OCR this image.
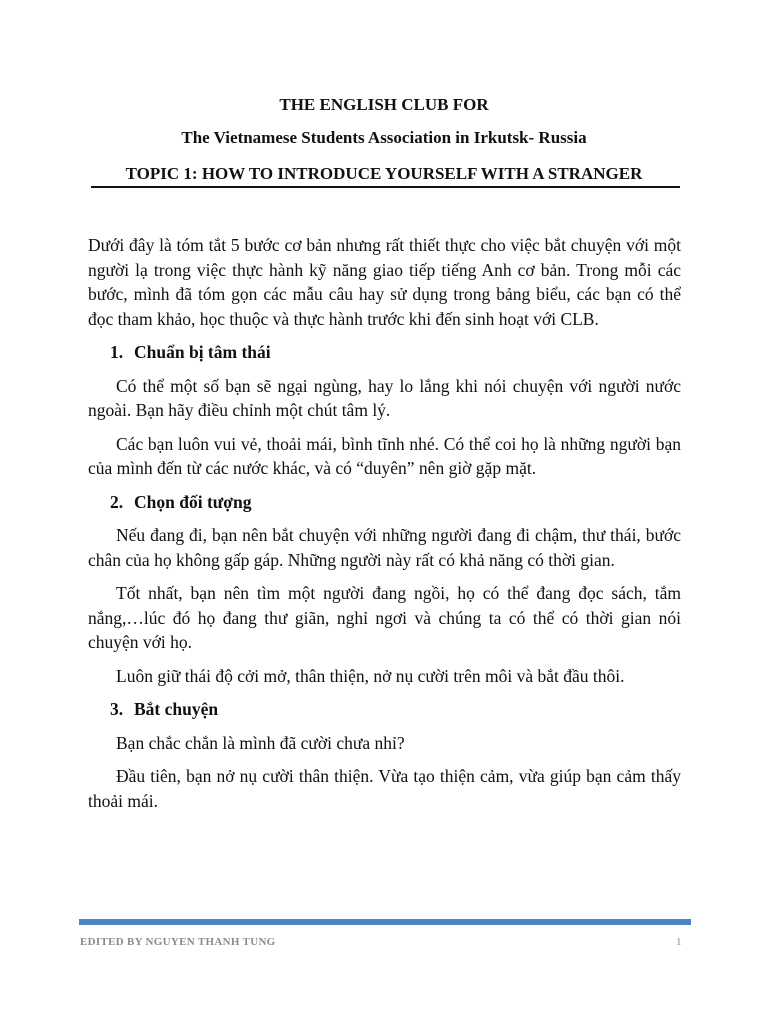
THE ENGLISH CLUB FOR
The Vietnamese Students Association in Irkutsk- Russia
TOPIC 1: HOW TO INTRODUCE YOURSELF WITH A STRANGER

Dưới đây là tóm tắt 5 bước cơ bản nhưng rất thiết thực cho việc bắt chuyện với một người lạ trong việc thực hành kỹ năng giao tiếp tiếng Anh cơ bản. Trong mỗi các bước, mình đã tóm gọn các mẫu câu hay sử dụng trong bảng biểu, các bạn có thể đọc tham khảo, học thuộc và thực hành trước khi đến sinh hoạt với CLB.

1. Chuẩn bị tâm thái

Có thể một số bạn sẽ ngại ngùng, hay lo lắng khi nói chuyện với người nước ngoài. Bạn hãy điều chỉnh một chút tâm lý.

Các bạn luôn vui vẻ, thoải mái, bình tĩnh nhé. Có thể coi họ là những người bạn của mình đến từ các nước khác, và có “duyên” nên giờ gặp mặt.

2. Chọn đối tượng

Nếu đang đi, bạn nên bắt chuyện với những người đang đi chậm, thư thái, bước chân của họ không gấp gáp. Những người này rất có khả năng có thời gian.

Tốt nhất, bạn nên tìm một người đang ngồi, họ có thể đang đọc sách, tắm nắng,…lúc đó họ đang thư giãn, nghỉ ngơi và chúng ta có thể có thời gian nói chuyện với họ.

Luôn giữ thái độ cởi mở, thân thiện, nở nụ cười trên môi và bắt đầu thôi.

3. Bắt chuyện

Bạn chắc chắn là mình đã cười chưa nhỉ?

Đầu tiên, bạn nở nụ cười thân thiện. Vừa tạo thiện cảm, vừa giúp bạn cảm thấy thoải mái.

EDITED BY NGUYEN THANH TUNG	1
